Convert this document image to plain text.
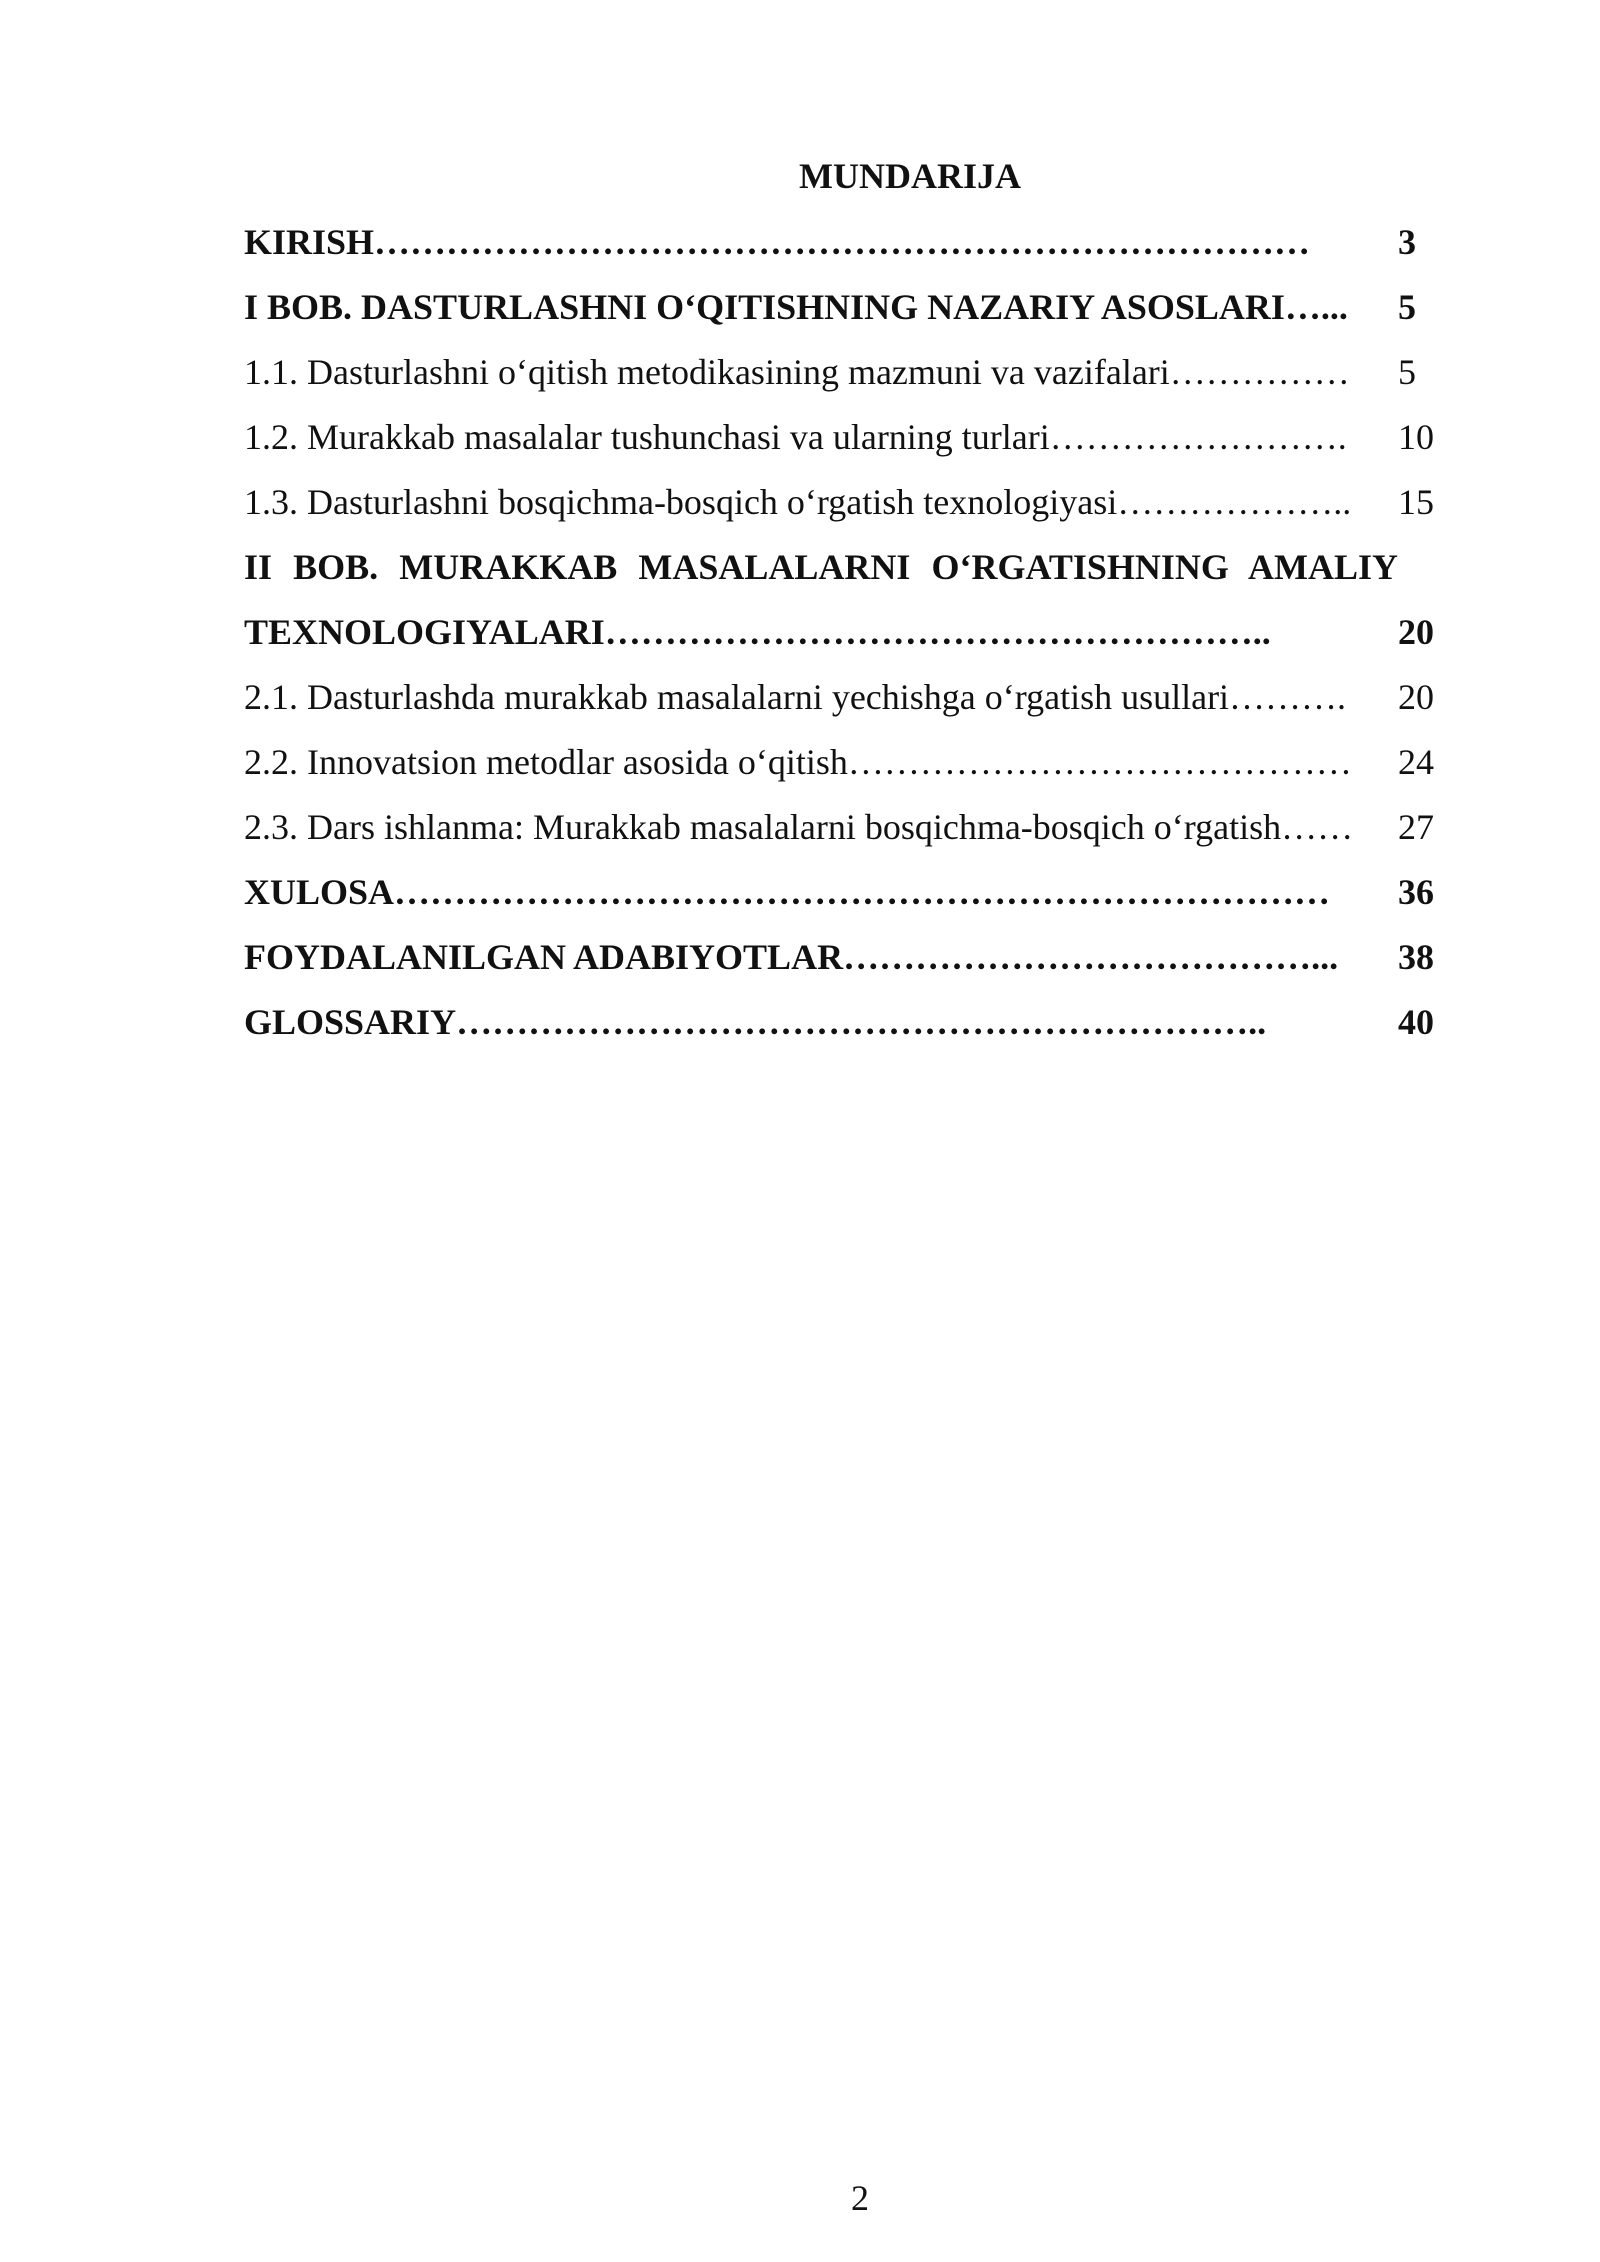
MUNDARIJA
KIRISH……………………………………………………………………	3
I BOB. DASTURLASHNI O‘QITISHNING NAZARIY ASOSLARI…...	5
1.1. Dasturlashni o‘qitish metodikasining mazmuni va vazifalari……………	5
1.2. Murakkab masalalar tushunchasi va ularning turlari…………………….	10
1.3. Dasturlashni bosqichma-bosqich o‘rgatish texnologiyasi………………..	15
II BOB. MURAKKAB MASALALARNI O‘RGATISHNING AMALIY TEXNOLOGIYALARI………………………………………………..	20
2.1. Dasturlashda murakkab masalalarni yechishga o‘rgatish usullari……….	20
2.2. Innovatsion metodlar asosida o‘qitish……………………………………	24
2.3. Dars ishlanma: Murakkab masalalarni bosqichma-bosqich o‘rgatish……	27
XULOSA……………………………………………………………………	36
FOYDALANILGAN ADABIYOTLAR…………………………………...	38
GLOSSARIY…………………………………………………………..	40
2
